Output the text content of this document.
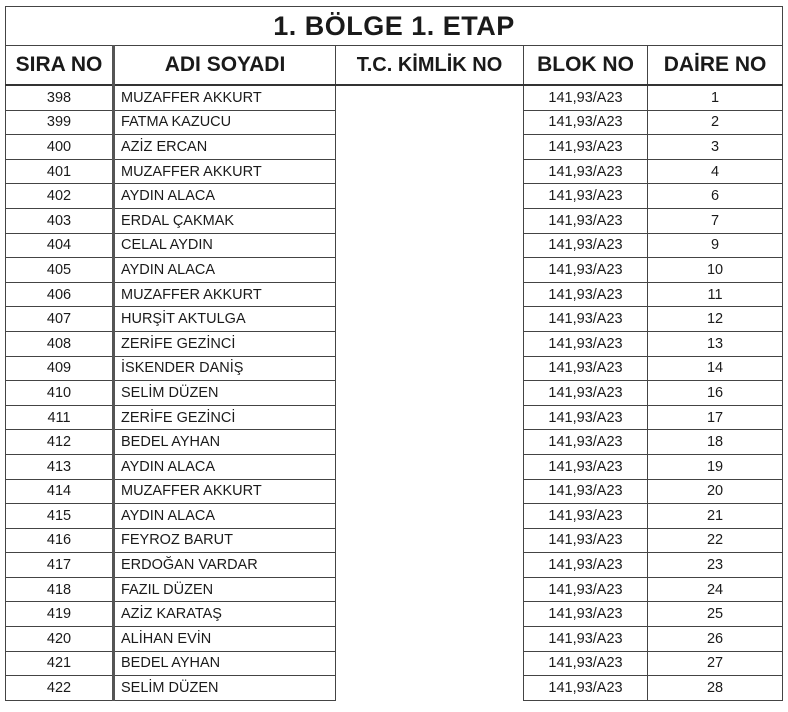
1. BÖLGE 1. ETAP				
SIRA NO	ADI SOYADI	T.C. KİMLİK NO	BLOK NO	DAİRE NO
398	MUZAFFER AKKURT		141,93/A23	1
399	FATMA KAZUCU		141,93/A23	2
400	AZİZ ERCAN		141,93/A23	3
401	MUZAFFER AKKURT		141,93/A23	4
402	AYDIN ALACA		141,93/A23	6
403	ERDAL ÇAKMAK		141,93/A23	7
404	CELAL AYDIN		141,93/A23	9
405	AYDIN ALACA		141,93/A23	10
406	MUZAFFER AKKURT		141,93/A23	11
407	HURŞİT AKTULGA		141,93/A23	12
408	ZERİFE GEZİNCİ		141,93/A23	13
409	İSKENDER DANİŞ		141,93/A23	14
410	SELİM DÜZEN		141,93/A23	16
411	ZERİFE GEZİNCİ		141,93/A23	17
412	BEDEL AYHAN		141,93/A23	18
413	AYDIN ALACA		141,93/A23	19
414	MUZAFFER AKKURT		141,93/A23	20
415	AYDIN ALACA		141,93/A23	21
416	FEYROZ BARUT		141,93/A23	22
417	ERDOĞAN VARDAR		141,93/A23	23
418	FAZIL DÜZEN		141,93/A23	24
419	AZİZ KARATAŞ		141,93/A23	25
420	ALİHAN EVİN		141,93/A23	26
421	BEDEL AYHAN		141,93/A23	27
422	SELİM DÜZEN		141,93/A23	28
